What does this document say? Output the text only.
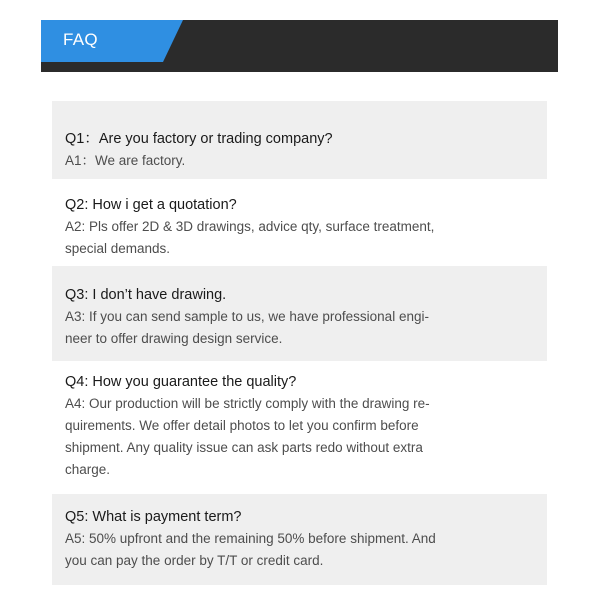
FAQ
Q1：Are you factory or trading company?
A1：We are factory.
Q2: How i get a quotation?
A2: Pls offer 2D & 3D drawings, advice qty, surface treatment,
special demands.
Q3: I don’t have drawing.
A3: If you can send sample to us, we have professional engi-
neer to offer drawing design service.
Q4: How you guarantee the quality?
A4: Our production will be strictly comply with the drawing re-
quirements. We offer detail photos to let you confirm before
shipment. Any quality issue can ask parts redo without extra
charge.
Q5: What is payment term?
A5: 50% upfront and the remaining 50% before shipment. And
you can pay the order by T/T or credit card.
